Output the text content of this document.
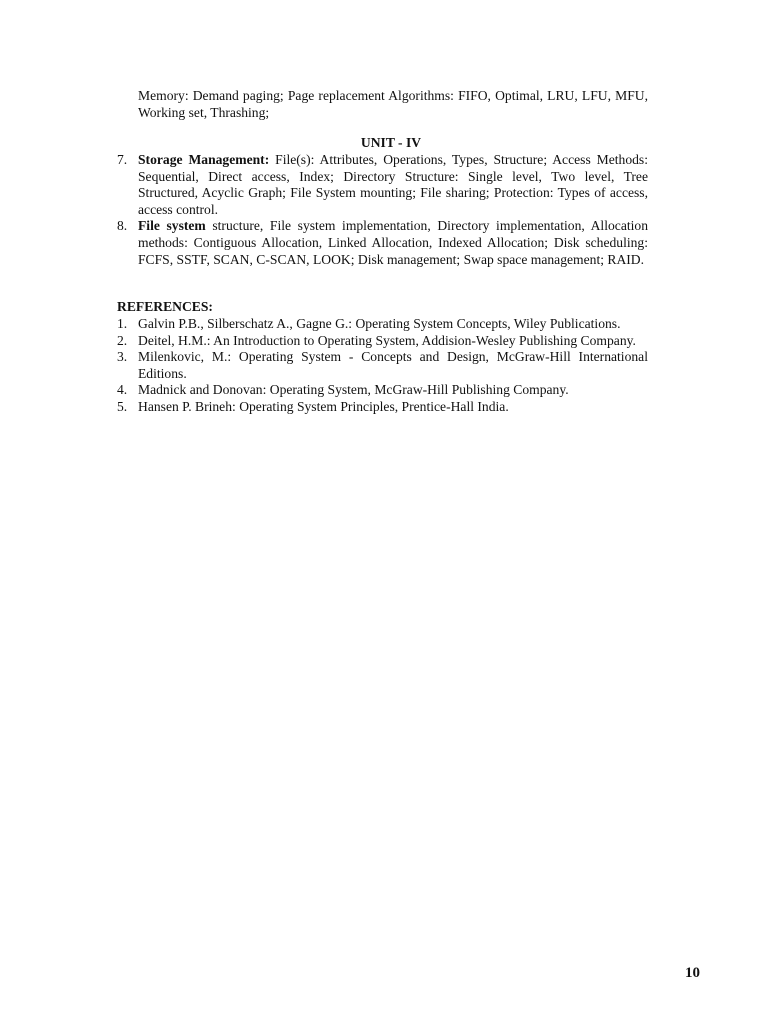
Memory: Demand paging; Page replacement Algorithms: FIFO, Optimal, LRU, LFU, MFU, Working set, Thrashing;
UNIT - IV
7. Storage Management: File(s): Attributes, Operations, Types, Structure; Access Methods: Sequential, Direct access, Index; Directory Structure: Single level, Two level, Tree Structured, Acyclic Graph; File System mounting; File sharing; Protection: Types of access, access control.
8. File system structure, File system implementation, Directory implementation, Allocation methods: Contiguous Allocation, Linked Allocation, Indexed Allocation; Disk scheduling: FCFS, SSTF, SCAN, C-SCAN, LOOK; Disk management; Swap space management; RAID.
REFERENCES:
1. Galvin P.B., Silberschatz A., Gagne G.: Operating System Concepts, Wiley Publications.
2. Deitel, H.M.: An Introduction to Operating System, Addision-Wesley Publishing Company.
3. Milenkovic, M.: Operating System - Concepts and Design, McGraw-Hill International Editions.
4. Madnick and Donovan: Operating System, McGraw-Hill Publishing Company.
5. Hansen P. Brineh: Operating System Principles, Prentice-Hall India.
10
